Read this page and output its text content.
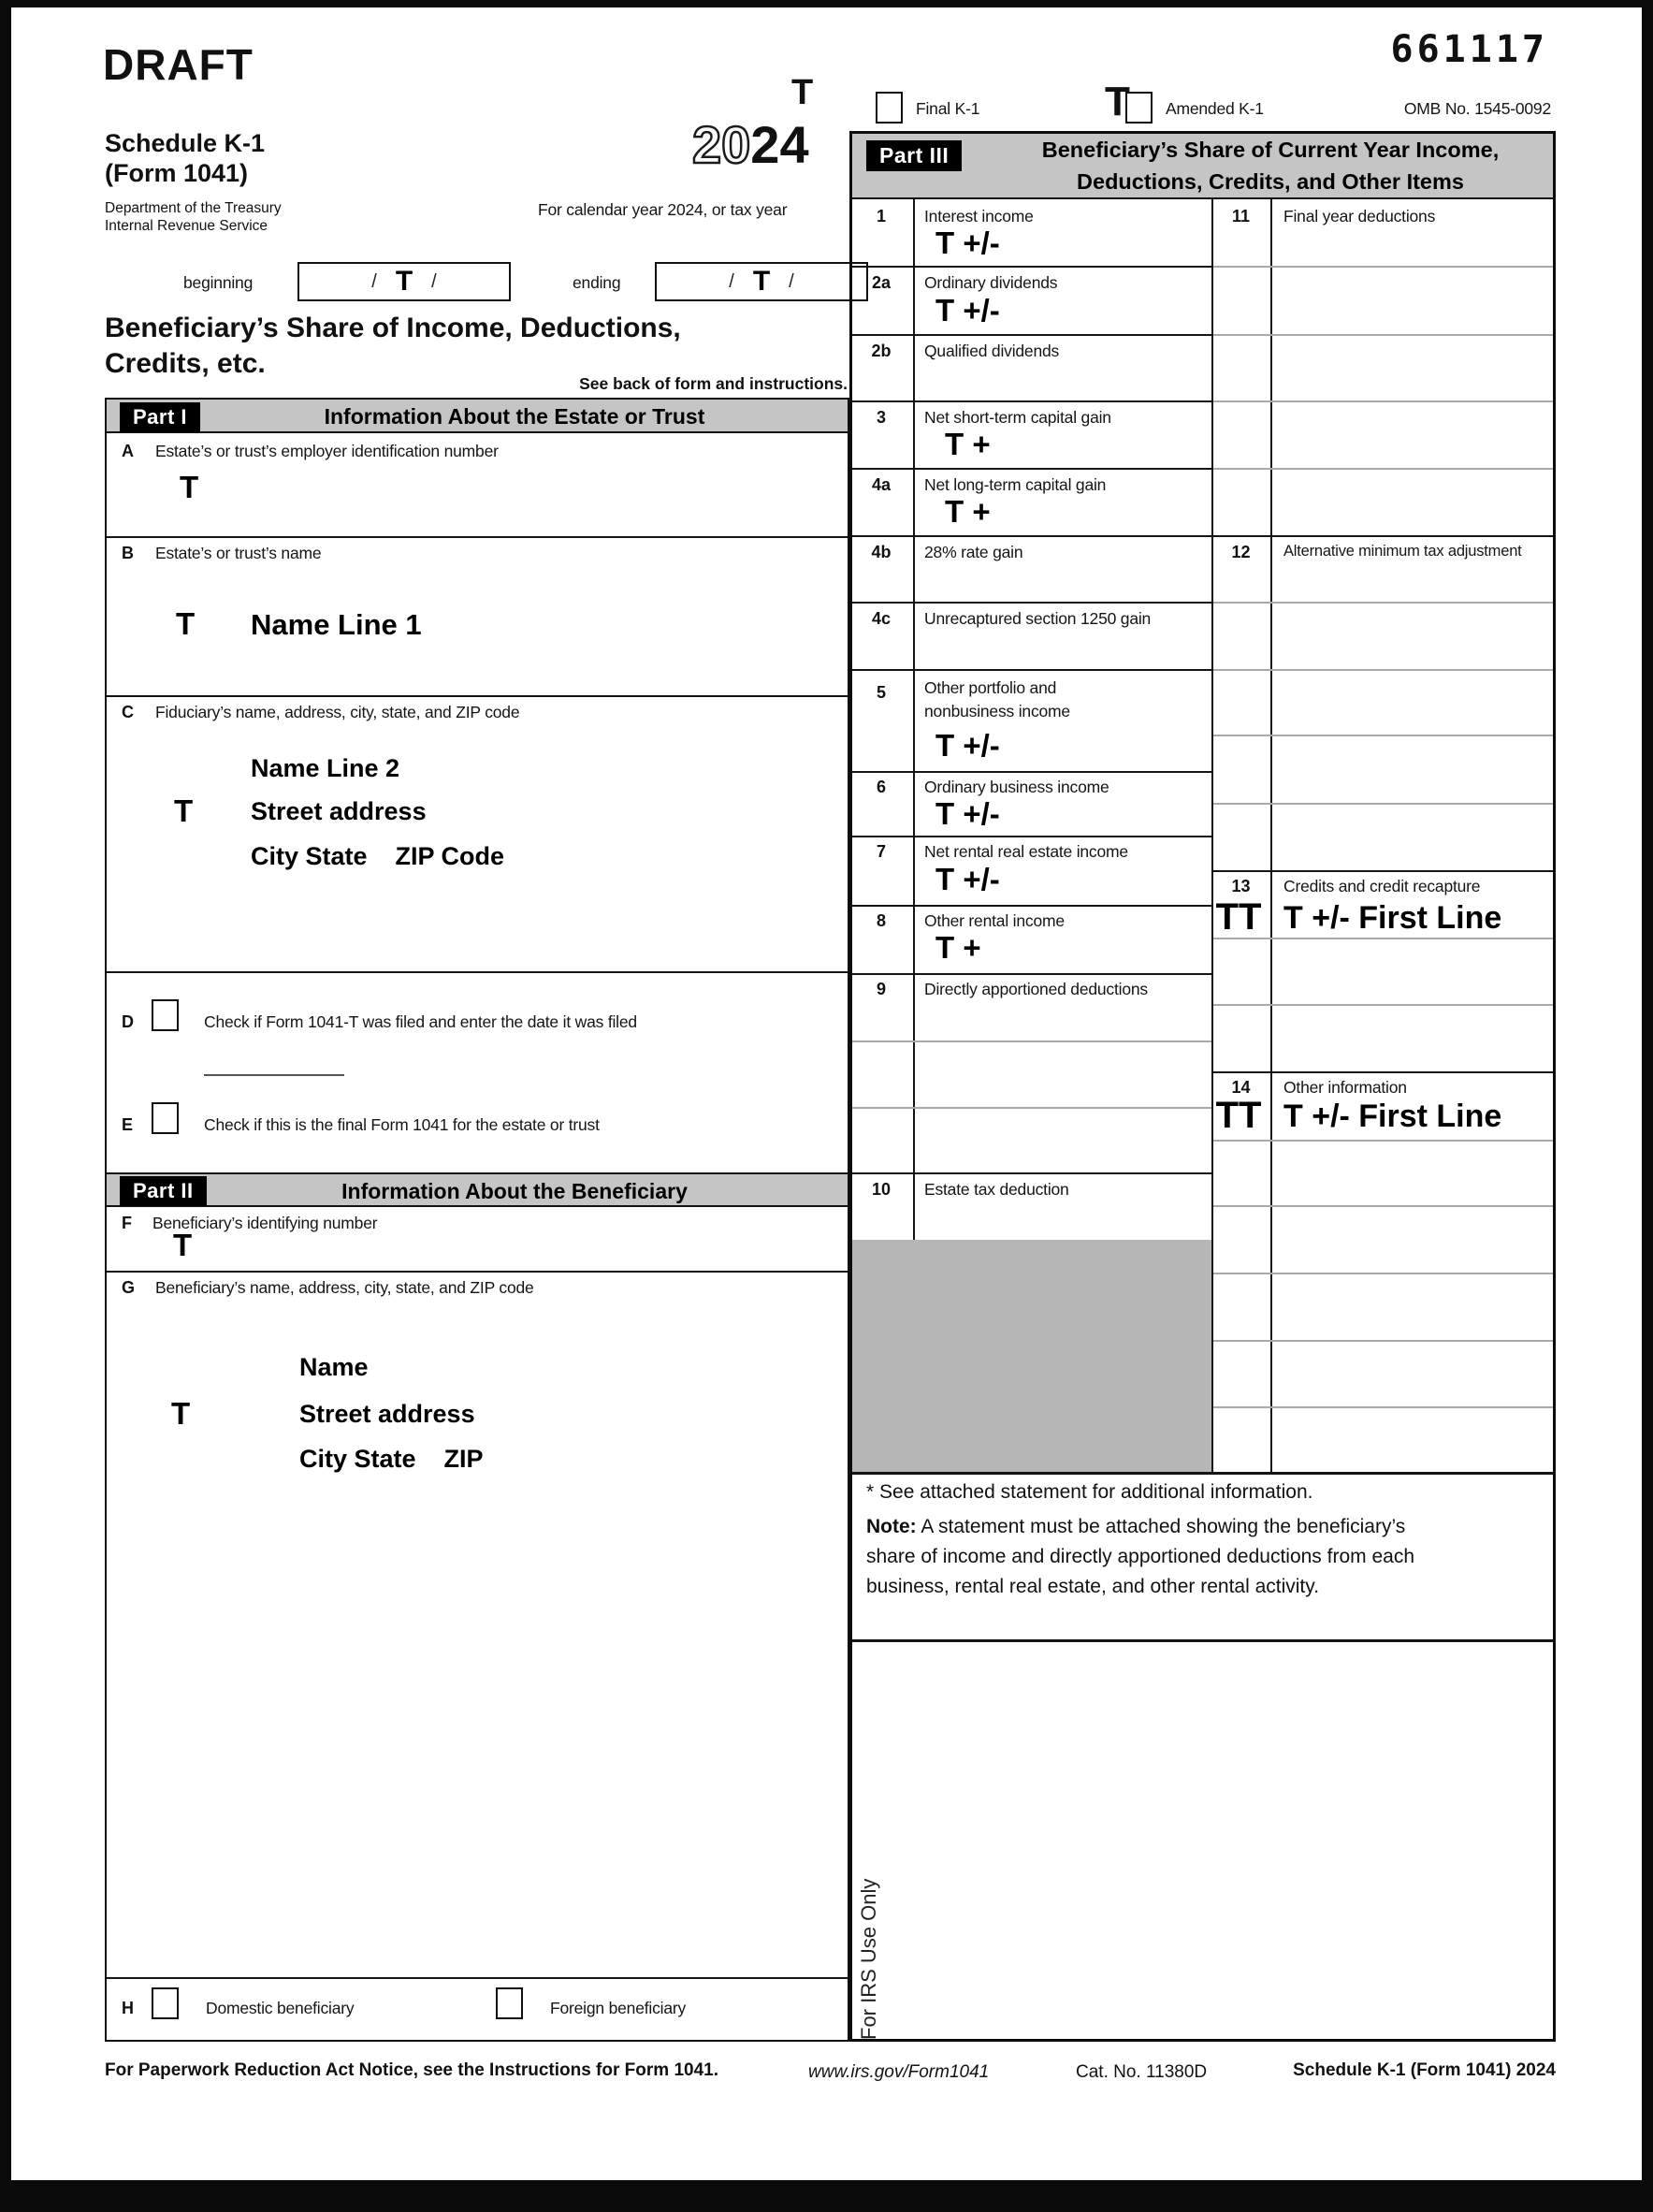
DRAFT	661117
Final K-1	T Amended K-1	OMB No. 1545-0092
Schedule K-1
(Form 1041)
Department of the Treasury
Internal Revenue Service
T
2024
For calendar year 2024, or tax year
beginning	/ T /	ending	/ T /
Beneficiary’s Share of Income, Deductions,
Credits, etc.
See back of form and instructions.
Part I	Information About the Estate or Trust
A Estate’s or trust’s employer identification number
T
B Estate’s or trust’s name
T Name Line 1
C Fiduciary’s name, address, city, state, and ZIP code
Name Line 2
T Street address
City State    ZIP Code
D	Check if Form 1041-T was filed and enter the date it was filed
E	Check if this is the final Form 1041 for the estate or trust
Part II	Information About the Beneficiary
F Beneficiary’s identifying number
T
G Beneficiary’s name, address, city, state, and ZIP code
Name
T	Street address
City State    ZIP
H	Domestic beneficiary	Foreign beneficiary
Part III	Beneficiary’s Share of Current Year Income,
Deductions, Credits, and Other Items
1	Interest income
T +/-
2a	Ordinary dividends
T +/-
2b	Qualified dividends
3	Net short-term capital gain
T +
4a	Net long-term capital gain
T +
4b	28% rate gain
4c	Unrecaptured section 1250 gain
5	Other portfolio and nonbusiness income
T +/-
6	Ordinary business income
T +/-
7	Net rental real estate income
T +/-
8	Other rental income
T +
9	Directly apportioned deductions
10	Estate tax deduction
11	Final year deductions
12	Alternative minimum tax adjustment
13	Credits and credit recapture
TT T +/- First Line
14	Other information
TT T +/- First Line
* See attached statement for additional information.
Note: A statement must be attached showing the beneficiary’s share of income and directly apportioned deductions from each business, rental real estate, and other rental activity.
For IRS Use Only
For Paperwork Reduction Act Notice, see the Instructions for Form 1041.	www.irs.gov/Form1041	Cat. No. 11380D	Schedule K-1 (Form 1041) 2024
